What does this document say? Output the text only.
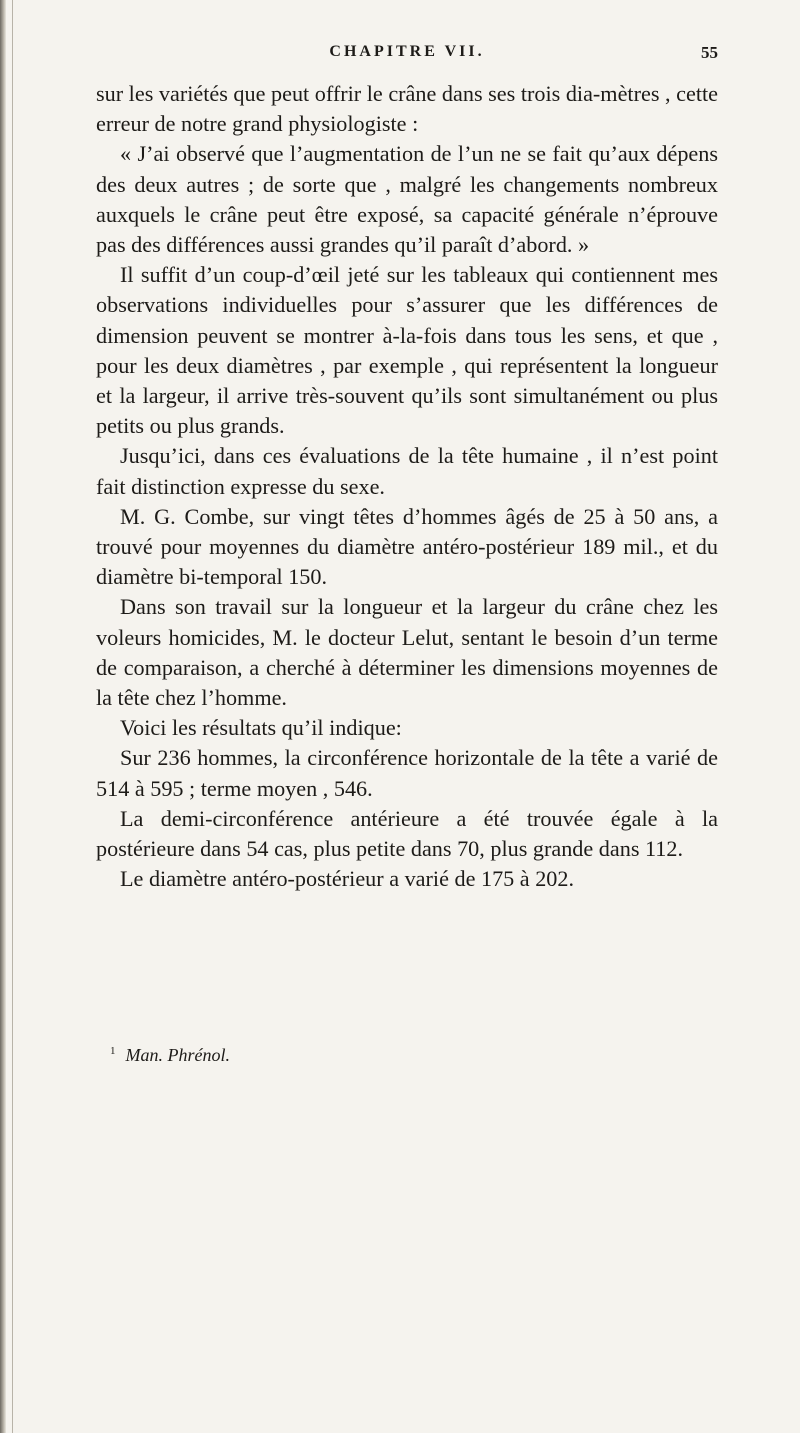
CHAPITRE VII.	55

sur les variétés que peut offrir le crâne dans ses trois dia-mètres , cette erreur de notre grand physiologiste :

« J’ai observé que l’augmentation de l’un ne se fait qu’aux dépens des deux autres ; de sorte que , malgré les changements nombreux auxquels le crâne peut être exposé, sa capacité générale n’éprouve pas des différences aussi grandes qu’il paraît d’abord. »

Il suffit d’un coup-d’œil jeté sur les tableaux qui contiennent mes observations individuelles pour s’assurer que les différences de dimension peuvent se montrer à-la-fois dans tous les sens, et que , pour les deux diamètres , par exemple , qui représentent la longueur et la largeur, il arrive très-souvent qu’ils sont simultanément ou plus petits ou plus grands.

Jusqu’ici, dans ces évaluations de la tête humaine , il n’est point fait distinction expresse du sexe.

M. G. Combe, sur vingt têtes d’hommes âgés de 25 à 50 ans, a trouvé pour moyennes du diamètre antéro-postérieur 189 mil., et du diamètre bi-temporal 150.

Dans son travail sur la longueur et la largeur du crâne chez les voleurs homicides, M. le docteur Lelut, sentant le besoin d’un terme de comparaison, a cherché à déterminer les dimensions moyennes de la tête chez l’homme.

Voici les résultats qu’il indique:

Sur 236 hommes, la circonférence horizontale de la tête a varié de 514 à 595 ; terme moyen , 546.

La demi-circonférence antérieure a été trouvée égale à la postérieure dans 54 cas, plus petite dans 70, plus grande dans 112.

Le diamètre antéro-postérieur a varié de 175 à 202.

$^1$ Man. Phrénol.
